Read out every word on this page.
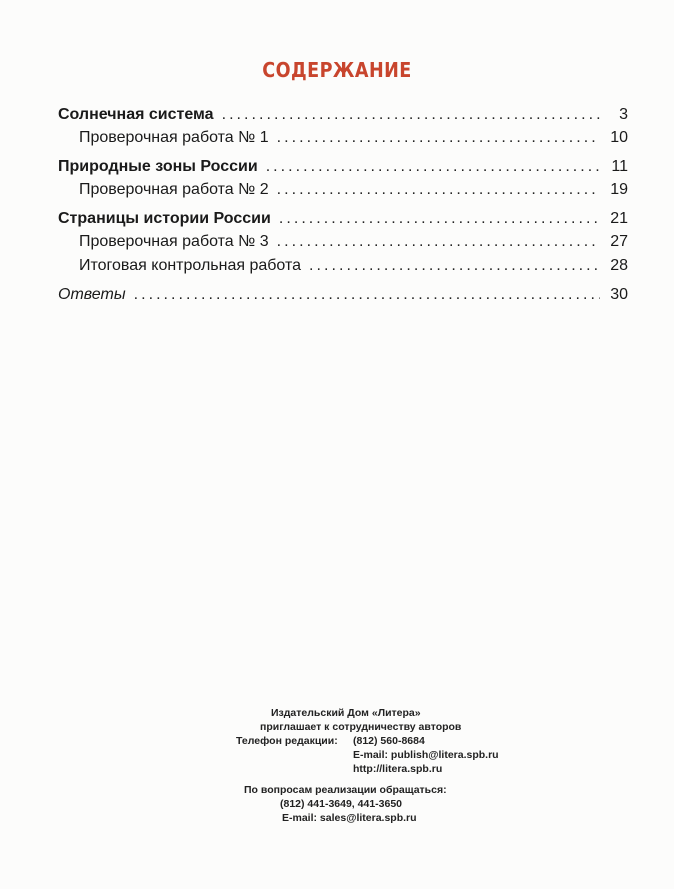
СОДЕРЖАНИЕ
Солнечная система . . .	3
Проверочная работа № 1 . . .	10
Природные зоны России . . .	11
Проверочная работа № 2 . . .	19
Страницы истории России . . .	21
Проверочная работа № 3 . . .	27
Итоговая контрольная работа . . .	28
Ответы . . .	30
Издательский Дом «Литера»
приглашает к сотрудничеству авторов
Телефон редакции: (812) 560-8684
E-mail: publish@litera.spb.ru
http://litera.spb.ru
По вопросам реализации обращаться:
(812) 441-3649, 441-3650
E-mail: sales@litera.spb.ru
